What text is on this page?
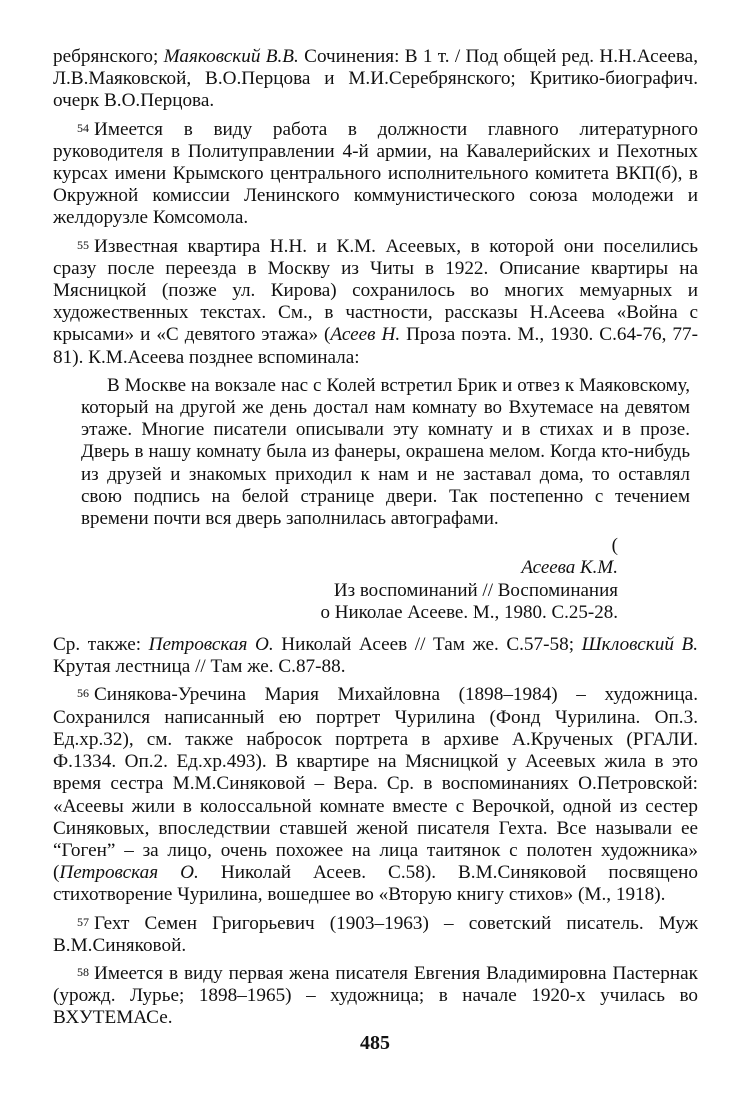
ребрянского; Маяковский В.В. Сочинения: В 1 т. / Под общей ред. Н.Н.Асеева, Л.В.Маяковской, В.О.Перцова и М.И.Серебрянского; Критико-биографич. очерк В.О.Перцова.

$^{54}$ Имеется в виду работа в должности главного литературного руководителя в Политуправлении 4-й армии, на Кавалерийских и Пехотных курсах имени Крымского центрального исполнительного комитета ВКП(б), в Окружной комиссии Ленинского коммунистического союза молодежи и желдорузле Комсомола.

$^{55}$ Известная квартира Н.Н. и К.М. Асеевых, в которой они поселились сразу после переезда в Москву из Читы в 1922. Описание квартиры на Мясницкой (позже ул. Кирова) сохранилось во многих мемуарных и художественных текстах. См., в частности, рассказы Н.Асеева «Война с крысами» и «С девятого этажа» (Асеев Н. Проза поэта. М., 1930. С.64-76, 77-81). К.М.Асеева позднее вспоминала:

В Москве на вокзале нас с Колей встретил Брик и отвез к Маяковскому, который на другой же день достал нам комнату во Вхутемасе на девятом этаже. Многие писатели описывали эту комнату и в стихах и в прозе. Дверь в нашу комнату была из фанеры, окрашена мелом. Когда кто-нибудь из друзей и знакомых приходил к нам и не заставал дома, то оставлял свою подпись на белой странице двери. Так постепенно с течением времени почти вся дверь заполнилась автографами.

(
Асеева К.М.
Из воспоминаний // Воспоминания
о Николае Асееве. М., 1980. С.25-28.

Ср. также: Петровская О. Николай Асеев // Там же. С.57-58; Шкловский В. Крутая лестница // Там же. С.87-88.

$^{56}$ Синякова-Уречина Мария Михайловна (1898–1984) – художница. Сохранился написанный ею портрет Чурилина (Фонд Чурилина. Оп.3. Ед.хр.32), см. также набросок портрета в архиве А.Крученых (РГАЛИ. Ф.1334. Оп.2. Ед.хр.493). В квартире на Мясницкой у Асеевых жила в это время сестра М.М.Синяковой – Вера. Ср. в воспоминаниях О.Петровской: «Асеевы жили в колоссальной комнате вместе с Верочкой, одной из сестер Синяковых, впоследствии ставшей женой писателя Гехта. Все называли ее “Гоген” – за лицо, очень похожее на лица таитянок с полотен художника» (Петровская О. Николай Асеев. С.58). В.М.Синяковой посвящено стихотворение Чурилина, вошедшее во «Вторую книгу стихов» (М., 1918).

$^{57}$ Гехт Семен Григорьевич (1903–1963) – советский писатель. Муж В.М.Синяковой.

$^{58}$ Имеется в виду первая жена писателя Евгения Владимировна Пастернак (урожд. Лурье; 1898–1965) – художница; в начале 1920-х училась во ВХУТЕМАСе.

485
